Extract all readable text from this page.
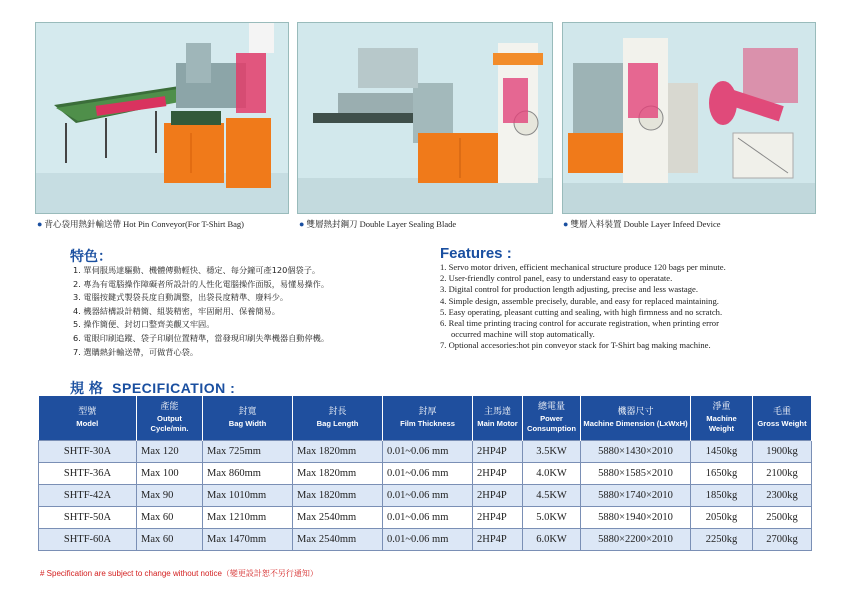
● 背心袋用熱針輸送帶 Hot Pin Conveyor(For T-Shirt Bag)	● 雙層熱封鋼刀 Double Layer Sealing Blade	● 雙層入料裝置 Double Layer Infeed Device
特色：
1. 單伺服馬達驅動、機體傳動輕快、穩定、每分鐘可產120個袋子。
2. 專為有電腦操作障礙者所設計的人性化電腦操作面版，易懂易操作。
3. 電腦按鍵式製袋長度自動調整，出袋長度精準、廢料少。
4. 機器結構設計精簡、組裝精密，牢固耐用、保養簡易。
5. 操作簡便、封切口整齊美觀又牢固。
6. 電眼印刷追蹤、袋子印刷位置精準，當發現印刷失準機器自動停機。
7. 選購熱針輸送帶，可做背心袋。
Features :
1. Servo motor driven, efficient mechanical structure produce 120 bags per minute.
2. User-friendly control panel, easy to understand easy to operatate.
3. Digital control for production length adjusting, precise and less wastage.
4. Simple design, assemble precisely, durable, and easy for replaced maintaining.
5. Easy operating, pleasant cutting and sealing, with high firmness and no scratch.
6. Real time printing tracing control for accurate registration, when printing error
occurred machine will stop automatically.
7. Optional accesories:hot pin conveyor stack for T-Shirt bag making machine.
規 格 SPECIFICATION :
型號
Model	產能
Output Cycle/min.	封寬
Bag Width	封長
Bag Length	封厚
Film Thickness	主馬達
Main Motor	總電量
Power Consumption	機器尺寸
Machine Dimension (LxWxH)	淨重
Machine Weight	毛重
Gross Weight
SHTF-30A	Max 120	Max 725mm	Max 1820mm	0.01~0.06 mm	2HP4P	3.5KW	5880×1430×2010	1450kg	1900kg
SHTF-36A	Max 100	Max 860mm	Max 1820mm	0.01~0.06 mm	2HP4P	4.0KW	5880×1585×2010	1650kg	2100kg
SHTF-42A	Max 90	Max 1010mm	Max 1820mm	0.01~0.06 mm	2HP4P	4.5KW	5880×1740×2010	1850kg	2300kg
SHTF-50A	Max 60	Max 1210mm	Max 2540mm	0.01~0.06 mm	2HP4P	5.0KW	5880×1940×2010	2050kg	2500kg
SHTF-60A	Max 60	Max 1470mm	Max 2540mm	0.01~0.06 mm	2HP4P	6.0KW	5880×2200×2010	2250kg	2700kg
# Specification are subject to change without notice（變更設計恕不另行通知）
